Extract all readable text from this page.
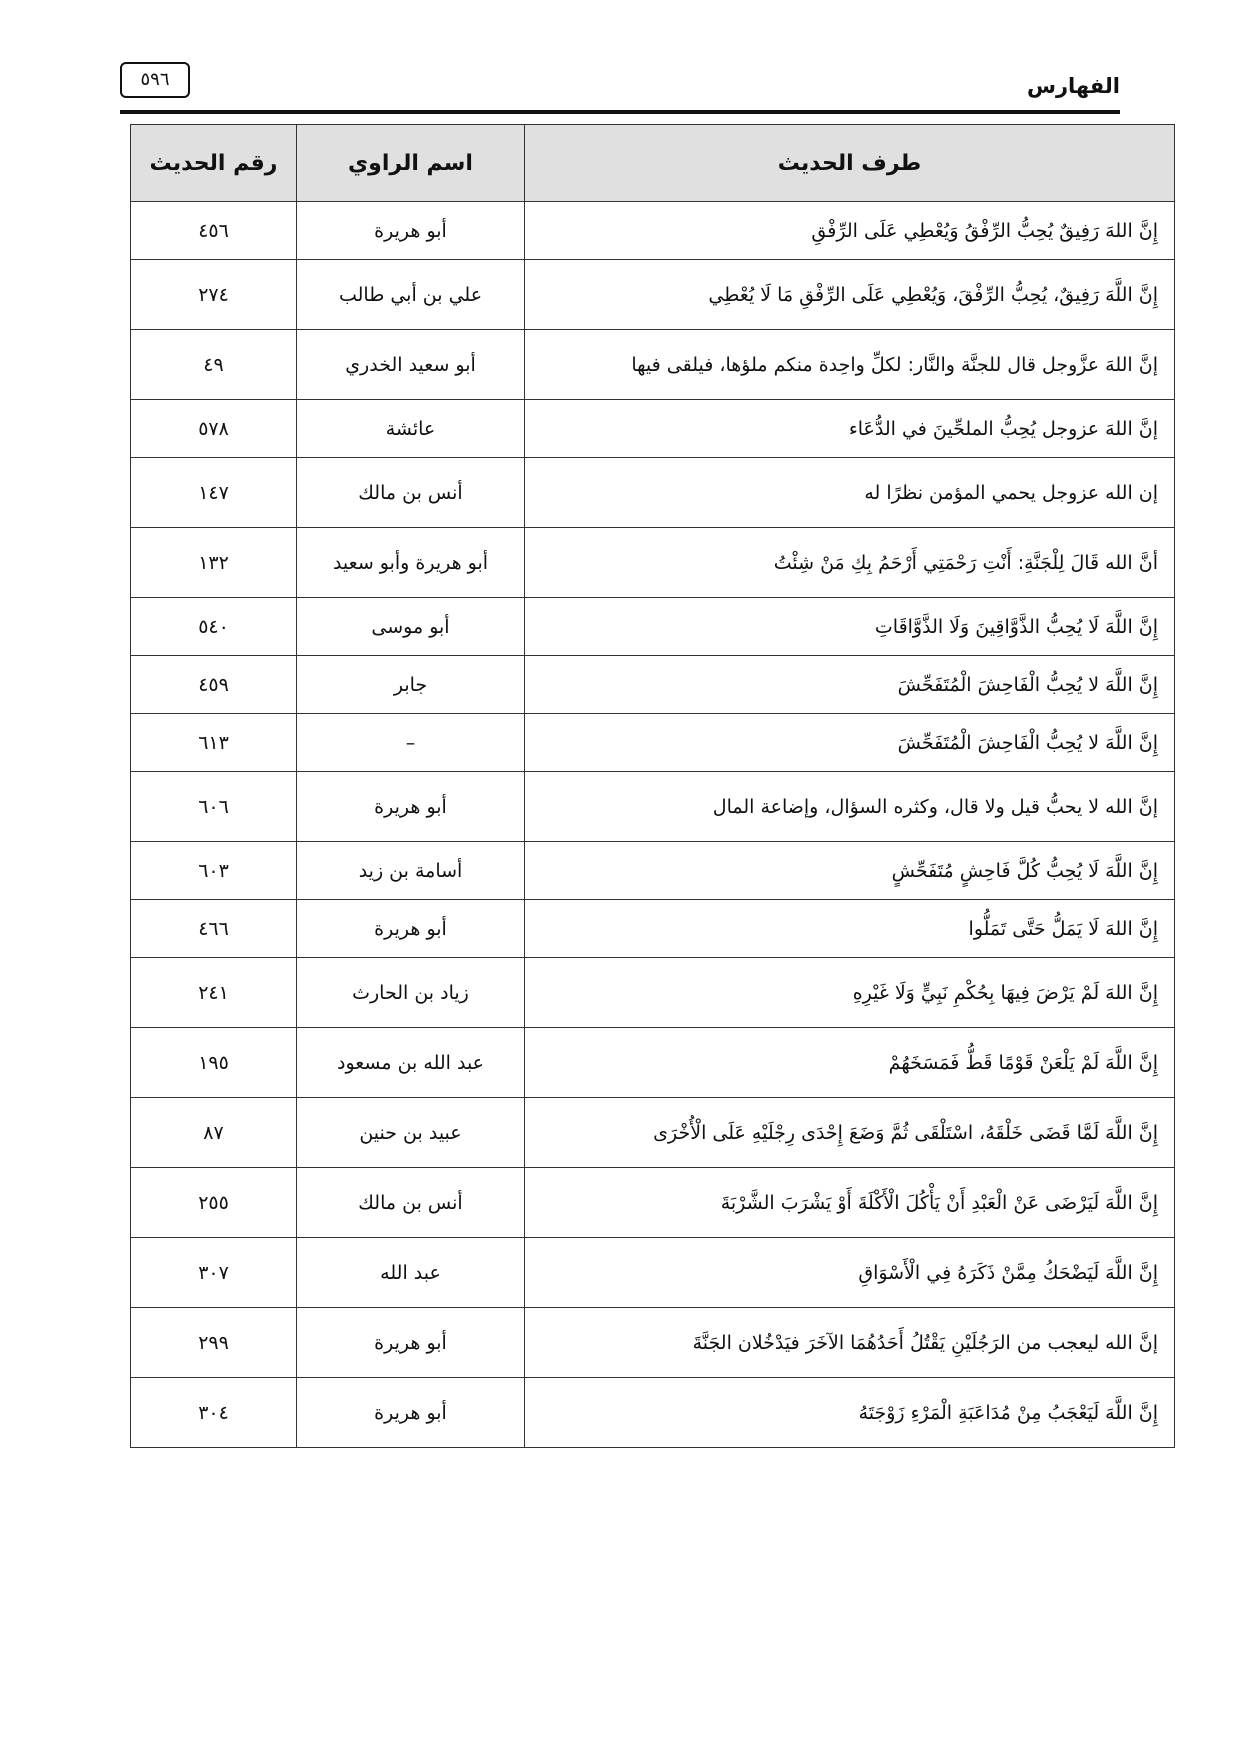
٥٩٦	الفهارس
طرف الحديث	اسم الراوي	رقم الحديث
إِنَّ اللهَ رَفِيقٌ يُحِبُّ الرِّفْقُ وَيُعْطِي عَلَى الرِّفْقِ	أبو هريرة	٤٥٦
إِنَّ اللَّهَ رَفِيقٌ، يُحِبُّ الرِّفْقَ، وَيُعْطِي عَلَى الرِّفْقِ مَا لَا يُعْطِي	علي بن أبي طالب	٢٧٤
إنَّ اللهَ عزَّوجل قال للجنَّة والنَّار: لكلِّ واحِدة منكم ملؤها، فيلقى فيها	أبو سعيد الخدري	٤٩
إنَّ اللهَ عزوجل يُحِبُّ الملحِّينَ في الدُّعَاء	عائشة	٥٧٨
إن الله عزوجل يحمي المؤمن نظرًا له	أنس بن مالك	١٤٧
أنَّ الله قَالَ لِلْجَنَّةِ: أَنْتِ رَحْمَتِي أَرْحَمُ بِكِ مَنْ شِئْتُ	أبو هريرة وأبو سعيد	١٣٢
إِنَّ اللَّهَ لَا يُحِبُّ الذَّوَّاقِينَ وَلَا الذَّوَّاقَاتِ	أبو موسى	٥٤٠
إِنَّ اللَّهَ لا يُحِبُّ الْفَاحِشَ الْمُتَفَحِّشَ	جابر	٤٥٩
إِنَّ اللَّهَ لا يُحِبُّ الْفَاحِشَ الْمُتَفَحِّشَ	–	٦١٣
إنَّ الله لا يحبُّ قيل ولا قال، وكثره السؤال، وإضاعة المال	أبو هريرة	٦٠٦
إِنَّ اللَّهَ لَا يُحِبُّ كُلَّ فَاحِشٍ مُتَفَحِّشٍ	أسامة بن زيد	٦٠٣
إِنَّ اللهَ لَا يَمَلُّ حَتَّى تَمَلُّوا	أبو هريرة	٤٦٦
إِنَّ اللهَ لَمْ يَرْضَ فِيهَا بِحُكْمِ نَبِيٍّ وَلَا غَيْرِهِ	زياد بن الحارث	٢٤١
إِنَّ اللَّهَ لَمْ يَلْعَنْ قَوْمًا قَطُّ فَمَسَخَهُمْ	عبد الله بن مسعود	١٩٥
إِنَّ اللَّهَ لَمَّا قَضَى خَلْقَهُ، اسْتَلْقَى ثُمَّ وَضَعَ إِحْدَى رِجْلَيْهِ عَلَى الْأُخْرَى	عبيد بن حنين	٨٧
إِنَّ اللَّهَ لَيَرْضَى عَنْ الْعَبْدِ أَنْ يَأْكُلَ الْأَكْلَةَ أَوْ يَشْرَبَ الشَّرْبَةَ	أنس بن مالك	٢٥٥
إِنَّ اللَّهَ لَيَضْحَكُ مِمَّنْ ذَكَرَهُ فِي الْأَسْوَاقِ	عبد الله	٣٠٧
إنَّ الله ليعجب من الرَجُلَيْنِ يَقْتُلُ أَحَدُهُمَا الآخَرَ فيَدْخُلان الجَنَّةَ	أبو هريرة	٢٩٩
إِنَّ اللَّهَ لَيَعْجَبُ مِنْ مُدَاعَبَةِ الْمَرْءِ زَوْجَتَهُ	أبو هريرة	٣٠٤
